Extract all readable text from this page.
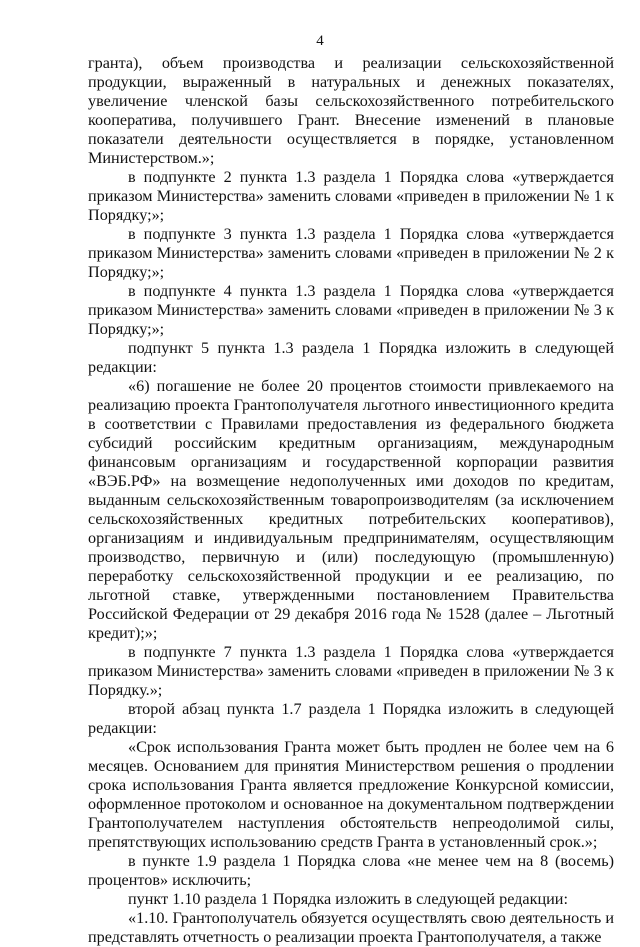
4

гранта), объем производства и реализации сельскохозяйственной продукции, выраженный в натуральных и денежных показателях, увеличение членской базы сельскохозяйственного потребительского кооператива, получившего Грант. Внесение изменений в плановые показатели деятельности осуществляется в порядке, установленном Министерством.»;

в подпункте 2 пункта 1.3 раздела 1 Порядка слова «утверждается приказом Министерства» заменить словами «приведен в приложении № 1 к Порядку;»;

в подпункте 3 пункта 1.3 раздела 1 Порядка слова «утверждается приказом Министерства» заменить словами «приведен в приложении № 2 к Порядку;»;

в подпункте 4 пункта 1.3 раздела 1 Порядка слова «утверждается приказом Министерства» заменить словами «приведен в приложении № 3 к Порядку;»;

подпункт 5 пункта 1.3 раздела 1 Порядка изложить в следующей редакции:

«6) погашение не более 20 процентов стоимости привлекаемого на реализацию проекта Грантополучателя льготного инвестиционного кредита в соответствии с Правилами предоставления из федерального бюджета субсидий российским кредитным организациям, международным финансовым организациям и государственной корпорации развития «ВЭБ.РФ» на возмещение недополученных ими доходов по кредитам, выданным сельскохозяйственным товаропроизводителям (за исключением сельскохозяйственных кредитных потребительских кооперативов), организациям и индивидуальным предпринимателям, осуществляющим производство, первичную и (или) последующую (промышленную) переработку сельскохозяйственной продукции и ее реализацию, по льготной ставке, утвержденными постановлением Правительства Российской Федерации от 29 декабря 2016 года № 1528 (далее – Льготный кредит);»;

в подпункте 7 пункта 1.3 раздела 1 Порядка слова «утверждается приказом Министерства» заменить словами «приведен в приложении № 3 к Порядку.»;

второй абзац пункта 1.7 раздела 1 Порядка изложить в следующей редакции:

«Срок использования Гранта может быть продлен не более чем на 6 месяцев. Основанием для принятия Министерством решения о продлении срока использования Гранта является предложение Конкурсной комиссии, оформленное протоколом и основанное на документальном подтверждении Грантополучателем наступления обстоятельств непреодолимой силы, препятствующих использованию средств Гранта в установленный срок.»;

в пункте 1.9 раздела 1 Порядка слова «не менее чем на 8 (восемь) процентов» исключить;

пункт 1.10 раздела 1 Порядка изложить в следующей редакции:

«1.10. Грантополучатель обязуется осуществлять свою деятельность и представлять отчетность о реализации проекта Грантополучателя, а также
